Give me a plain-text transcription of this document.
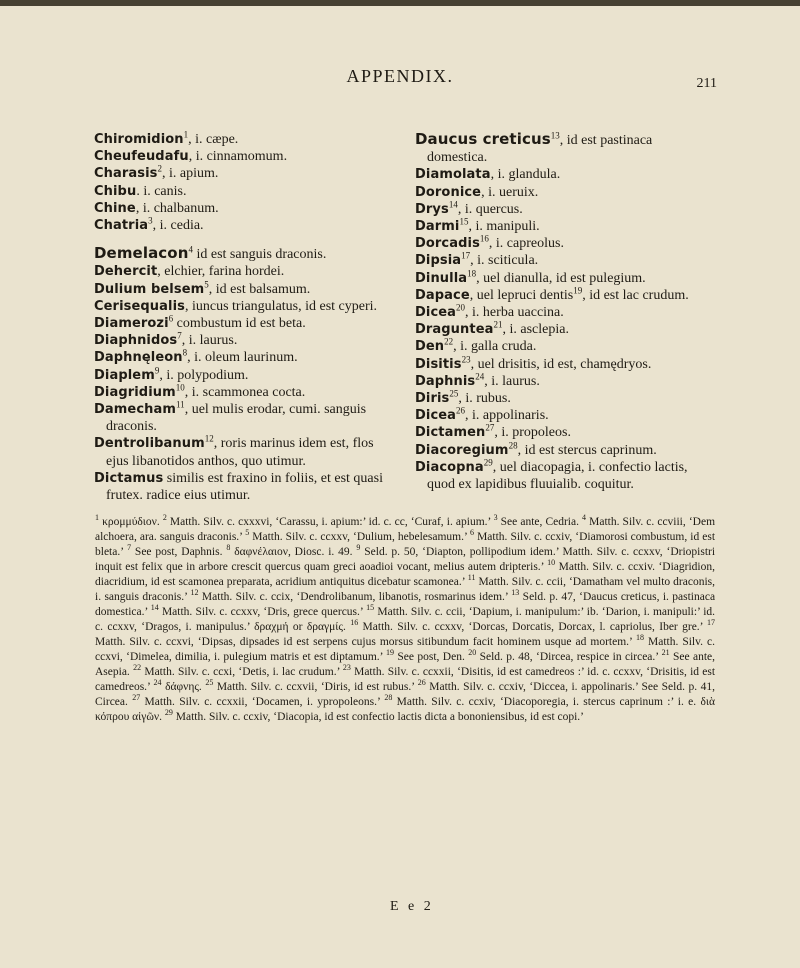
APPENDIX.	211

Chiromidion$^1$, i. cæpe.

Cheufeudafu, i. cinnamomum.

Charasis$^2$, i. apium.

Chibu. i. canis.

Chine, i. chalbanum.

Chatria$^3$, i. cedia.

Demelacon$^4$ id est sanguis draconis.

Dehercit, elchier, farina hordei.

Dulium belsem$^5$, id est balsamum.

Cerisequalis, iuncus triangulatus, id est cyperi.

Diamerozi$^6$ combustum id est beta.

Diaphnidos$^7$, i. laurus.

Daphnęleon$^8$, i. oleum laurinum.

Diaplem$^9$, i. polypodium.

Diagridium$^{10}$, i. scammonea cocta.

Damecham$^{11}$, uel mulis erodar, cumi. sanguis draconis.

Dentrolibanum$^{12}$, roris marinus idem est, flos ejus libanotidos anthos, quo utimur.

Dictamus similis est fraxino in foliis, et est quasi frutex. radice eius utimur.

Daucus creticus$^{13}$, id est pastinaca domestica.

Diamolata, i. glandula.

Doronice, i. ueruix.

Drys$^{14}$, i. quercus.

Darmi$^{15}$, i. manipuli.

Dorcadis$^{16}$, i. capreolus.

Dipsia$^{17}$, i. sciticula.

Dinulla$^{18}$, uel dianulla, id est pulegium.

Dapace, uel lepruci dentis$^{19}$, id est lac crudum.

Dicea$^{20}$, i. herba uaccina.

Draguntea$^{21}$, i. asclepia.

Den$^{22}$, i. galla cruda.

Disitis$^{23}$, uel drisitis, id est, chamędryos.

Daphnis$^{24}$, i. laurus.

Diris$^{25}$, i. rubus.

Dicea$^{26}$, i. appolinaris.

Dictamen$^{27}$, i. propoleos.

Diacoregium$^{28}$, id est stercus caprinum.

Diacopna$^{29}$, uel diacopagia, i. confectio lactis, quod ex lapidibus fluuialib. coquitur.

$^1$ κρομμύδιον. $^2$ Matth. Silv. c. cxxxvi, ‘Carassu, i. apium:’ id. c. cc, ‘Curaf, i. apium.’ $^3$ See ante, Cedria. $^4$ Matth. Silv. c. ccviii, ‘Dem alchoera, ara. sanguis draconis.’ $^5$ Matth. Silv. c. ccxxv, ‘Dulium, hebelesamum.’ $^6$ Matth. Silv. c. ccxiv, ‘Diamorosi combustum, id est bleta.’ $^7$ See post, Daphnis. $^8$ δαφνέλαιον, Diosc. i. 49. $^9$ Seld. p. 50, ‘Diapton, pollipodium idem.’ Matth. Silv. c. ccxxv, ‘Driopistri inquit est felix que in arbore crescit quercus quam greci aoadioi vocant, melius autem dripteris.’ $^{10}$ Matth. Silv. c. ccxiv. ‘Diagridion, diacridium, id est scamonea preparata, acridium antiquitus dicebatur scamonea.’ $^{11}$ Matth. Silv. c. ccii, ‘Damatham vel multo draconis, i. sanguis draconis.’ $^{12}$ Matth. Silv. c. ccix, ‘Dendrolibanum, libanotis, rosmarinus idem.’ $^{13}$ Seld. p. 47, ‘Daucus creticus, i. pastinaca domestica.’ $^{14}$ Matth. Silv. c. ccxxv, ‘Dris, grece quercus.’ $^{15}$ Matth. Silv. c. ccii, ‘Dapium, i. manipulum:’ ib. ‘Darion, i. manipuli:’ id. c. ccxxv, ‘Dragos, i. manipulus.’ δραχμή or δραγμίς. $^{16}$ Matth. Silv. c. ccxxv, ‘Dorcas, Dorcatis, Dorcax, l. capriolus, Iber gre.’ $^{17}$ Matth. Silv. c. ccxvi, ‘Dipsas, dipsades id est serpens cujus morsus sitibundum facit hominem usque ad mortem.’ $^{18}$ Matth. Silv. c. ccxvi, ‘Dimelea, dimilia, i. pulegium matris et est diptamum.’ $^{19}$ See post, Den. $^{20}$ Seld. p. 48, ‘Dircea, respice in circea.’ $^{21}$ See ante, Asepia. $^{22}$ Matth. Silv. c. ccxi, ‘Detis, i. lac crudum.’ $^{23}$ Matth. Silv. c. ccxxii, ‘Disitis, id est camedreos :’ id. c. ccxxv, ‘Drisitis, id est camedreos.’ $^{24}$ δάφνης. $^{25}$ Matth. Silv. c. ccxvii, ‘Diris, id est rubus.’ $^{26}$ Matth. Silv. c. ccxiv, ‘Diccea, i. appolinaris.’ See Seld. p. 41, Circea. $^{27}$ Matth. Silv. c. ccxxii, ‘Docamen, i. ypropoleons.’ $^{28}$ Matth. Silv. c. ccxiv, ‘Diacoporegia, i. stercus caprinum :’ i. e. διὰ κόπρου αἰγῶν. $^{29}$ Matth. Silv. c. ccxiv, ‘Diacopia, id est confectio lactis dicta a bononiensibus, id est copi.’
E e 2
